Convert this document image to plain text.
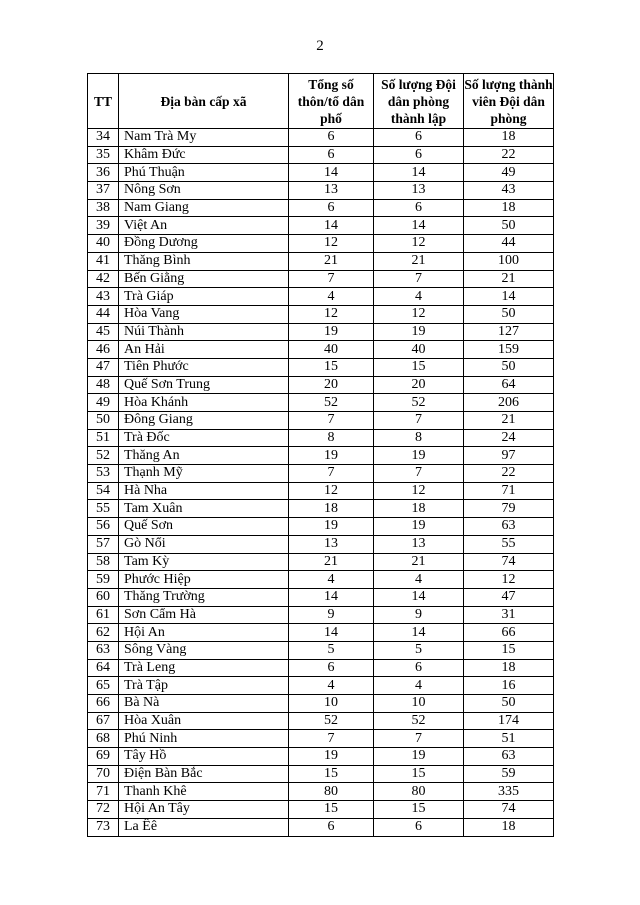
2
TT	Địa bàn cấp xã	Tổng số thôn/tổ dân phố	Số lượng Đội dân phòng thành lập	Số lượng thành viên Đội dân phòng
34	Nam Trà My	6	6	18
35	Khâm Đức	6	6	22
36	Phú Thuận	14	14	49
37	Nông Sơn	13	13	43
38	Nam Giang	6	6	18
39	Việt An	14	14	50
40	Đồng Dương	12	12	44
41	Thăng Bình	21	21	100
42	Bến Giằng	7	7	21
43	Trà Giáp	4	4	14
44	Hòa Vang	12	12	50
45	Núi Thành	19	19	127
46	An Hải	40	40	159
47	Tiên Phước	15	15	50
48	Quế Sơn Trung	20	20	64
49	Hòa Khánh	52	52	206
50	Đông Giang	7	7	21
51	Trà Đốc	8	8	24
52	Thăng An	19	19	97
53	Thạnh Mỹ	7	7	22
54	Hà Nha	12	12	71
55	Tam Xuân	18	18	79
56	Quế Sơn	19	19	63
57	Gò Nổi	13	13	55
58	Tam Kỳ	21	21	74
59	Phước Hiệp	4	4	12
60	Thăng Trường	14	14	47
61	Sơn Cẩm Hà	9	9	31
62	Hội An	14	14	66
63	Sông Vàng	5	5	15
64	Trà Leng	6	6	18
65	Trà Tập	4	4	16
66	Bà Nà	10	10	50
67	Hòa Xuân	52	52	174
68	Phú Ninh	7	7	51
69	Tây Hồ	19	19	63
70	Điện Bàn Bắc	15	15	59
71	Thanh Khê	80	80	335
72	Hội An Tây	15	15	74
73	La Êê	6	6	18
